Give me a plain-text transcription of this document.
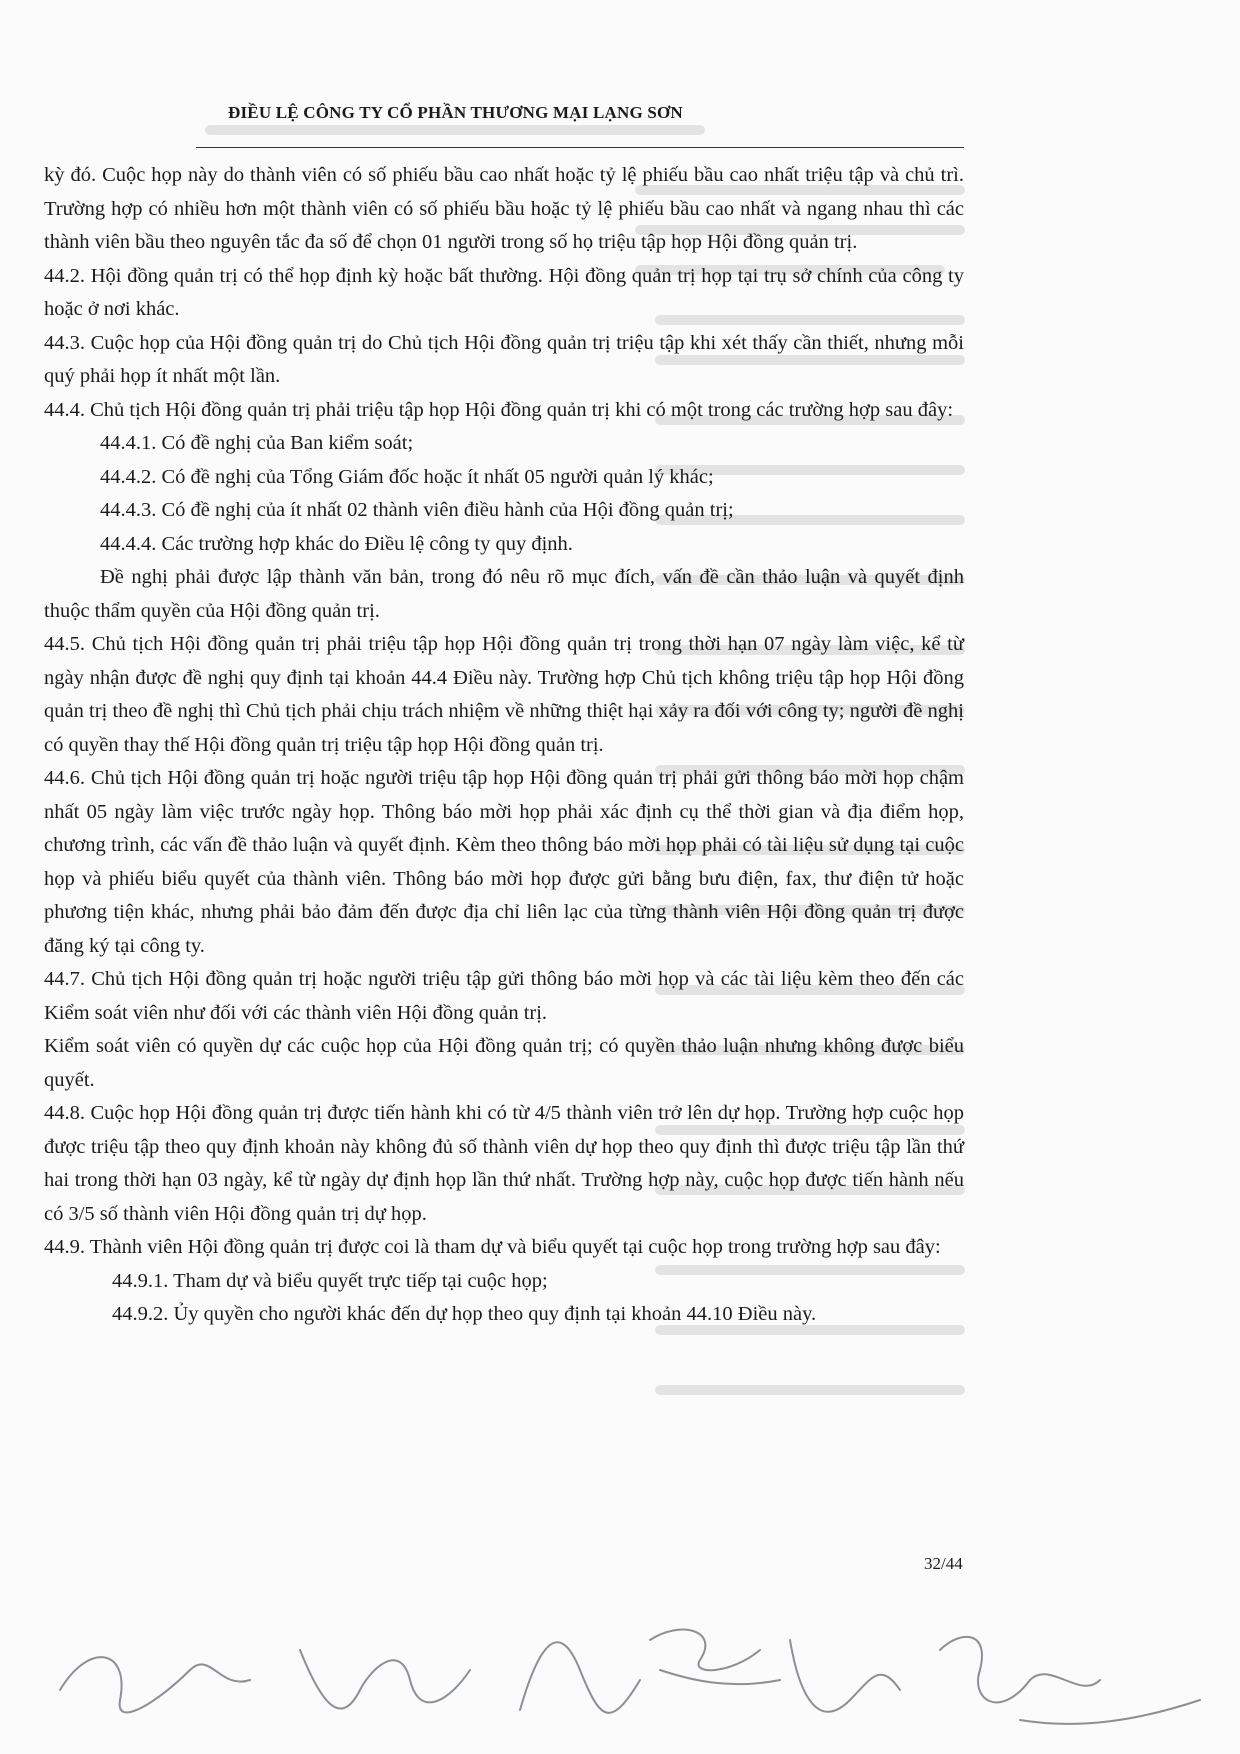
ĐIỀU LỆ CÔNG TY CỔ PHẦN THƯƠNG MẠI LẠNG SƠN

kỳ đó. Cuộc họp này do thành viên có số phiếu bầu cao nhất hoặc tỷ lệ phiếu bầu cao nhất triệu tập và chủ trì. Trường hợp có nhiều hơn một thành viên có số phiếu bầu hoặc tỷ lệ phiếu bầu cao nhất và ngang nhau thì các thành viên bầu theo nguyên tắc đa số để chọn 01 người trong số họ triệu tập họp Hội đồng quản trị.

44.2. Hội đồng quản trị có thể họp định kỳ hoặc bất thường. Hội đồng quản trị họp tại trụ sở chính của công ty hoặc ở nơi khác.

44.3. Cuộc họp của Hội đồng quản trị do Chủ tịch Hội đồng quản trị triệu tập khi xét thấy cần thiết, nhưng mỗi quý phải họp ít nhất một lần.

44.4. Chủ tịch Hội đồng quản trị phải triệu tập họp Hội đồng quản trị khi có một trong các trường hợp sau đây:

44.4.1. Có đề nghị của Ban kiểm soát;

44.4.2. Có đề nghị của Tổng Giám đốc hoặc ít nhất 05 người quản lý khác;

44.4.3. Có đề nghị của ít nhất 02 thành viên điều hành của Hội đồng quản trị;

44.4.4. Các trường hợp khác do Điều lệ công ty quy định.

Đề nghị phải được lập thành văn bản, trong đó nêu rõ mục đích, vấn đề cần thảo luận và quyết định thuộc thẩm quyền của Hội đồng quản trị.

44.5. Chủ tịch Hội đồng quản trị phải triệu tập họp Hội đồng quản trị trong thời hạn 07 ngày làm việc, kể từ ngày nhận được đề nghị quy định tại khoản 44.4 Điều này. Trường hợp Chủ tịch không triệu tập họp Hội đồng quản trị theo đề nghị thì Chủ tịch phải chịu trách nhiệm về những thiệt hại xảy ra đối với công ty; người đề nghị có quyền thay thế Hội đồng quản trị triệu tập họp Hội đồng quản trị.

44.6. Chủ tịch Hội đồng quản trị hoặc người triệu tập họp Hội đồng quản trị phải gửi thông báo mời họp chậm nhất 05 ngày làm việc trước ngày họp. Thông báo mời họp phải xác định cụ thể thời gian và địa điểm họp, chương trình, các vấn đề thảo luận và quyết định. Kèm theo thông báo mời họp phải có tài liệu sử dụng tại cuộc họp và phiếu biểu quyết của thành viên. Thông báo mời họp được gửi bằng bưu điện, fax, thư điện tử hoặc phương tiện khác, nhưng phải bảo đảm đến được địa chỉ liên lạc của từng thành viên Hội đồng quản trị được đăng ký tại công ty.

44.7. Chủ tịch Hội đồng quản trị hoặc người triệu tập gửi thông báo mời họp và các tài liệu kèm theo đến các Kiểm soát viên như đối với các thành viên Hội đồng quản trị.

Kiểm soát viên có quyền dự các cuộc họp của Hội đồng quản trị; có quyền thảo luận nhưng không được biểu quyết.

44.8. Cuộc họp Hội đồng quản trị được tiến hành khi có từ 4/5 thành viên trở lên dự họp. Trường hợp cuộc họp được triệu tập theo quy định khoản này không đủ số thành viên dự họp theo quy định thì được triệu tập lần thứ hai trong thời hạn 03 ngày, kể từ ngày dự định họp lần thứ nhất. Trường hợp này, cuộc họp được tiến hành nếu có 3/5 số thành viên Hội đồng quản trị dự họp.

44.9. Thành viên Hội đồng quản trị được coi là tham dự và biểu quyết tại cuộc họp trong trường hợp sau đây:

44.9.1. Tham dự và biểu quyết trực tiếp tại cuộc họp;

44.9.2. Ủy quyền cho người khác đến dự họp theo quy định tại khoản 44.10 Điều này.

32/44
